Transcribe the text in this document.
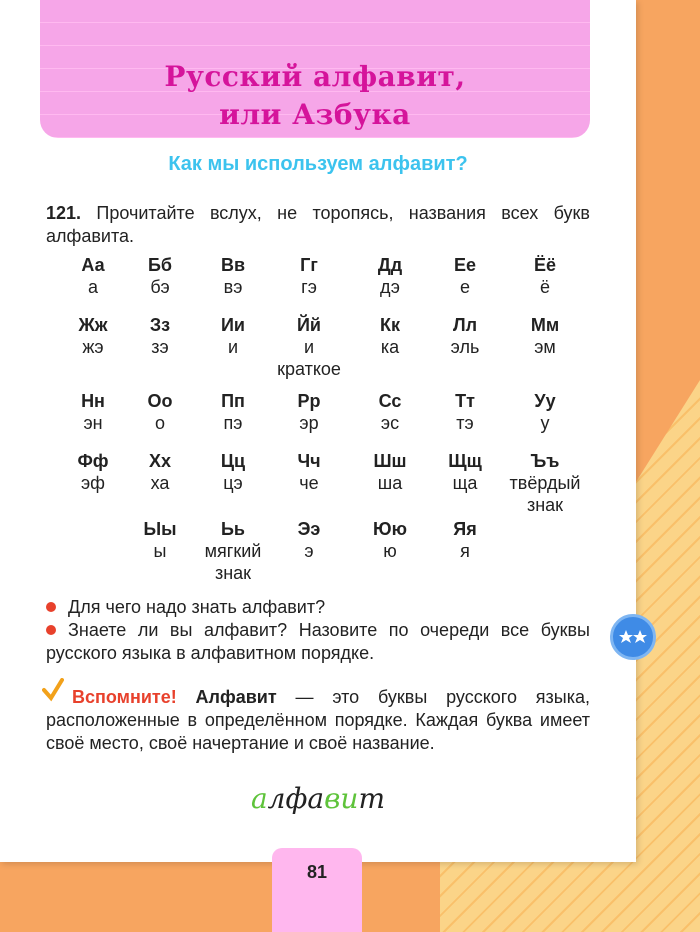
Русский алфавит,
или Азбука
Как мы используем алфавит?
121. Прочитайте вслух, не торопясь, названия всех букв алфавита.
Аа
а
Бб
бэ
Вв
вэ
Гг
гэ
Дд
дэ
Ее
е
Ёё
ё
Жж
жэ
Зз
зэ
Ии
и
Йй
и
краткое
Кк
ка
Лл
эль
Мм
эм
Нн
эн
Оо
о
Пп
пэ
Рр
эр
Сс
эс
Тт
тэ
Уу
у
Фф
эф
Хх
ха
Цц
цэ
Чч
че
Шш
ша
Щщ
ща
Ъъ
твёрдый
знак
Ыы
ы
Ьь
мягкий
знак
Ээ
э
Юю
ю
Яя
я
Для чего надо знать алфавит?
Знаете ли вы алфавит? Назовите по очереди все буквы русского языка в алфавитном порядке.
Вспомните! Алфавит — это буквы русского языка, расположенные в определённом порядке. Каждая буква имеет своё место, своё начертание и своё название.
алфавит
81
